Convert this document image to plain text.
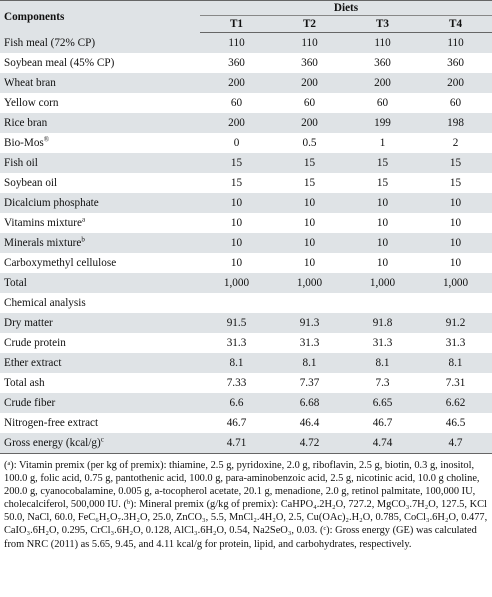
Components	Diets			
	T1	T2	T3	T4
Fish meal (72% CP)	110	110	110	110
Soybean meal (45% CP)	360	360	360	360
Wheat bran	200	200	200	200
Yellow corn	60	60	60	60
Rice bran	200	200	199	198
Bio-Mos®	0	0.5	1	2
Fish oil	15	15	15	15
Soybean oil	15	15	15	15
Dicalcium phosphate	10	10	10	10
Vitamins mixture$^a$	10	10	10	10
Minerals mixture$^b$	10	10	10	10
Carboxymethyl cellulose	10	10	10	10
Total	1,000	1,000	1,000	1,000
Chemical analysis				
Dry matter	91.5	91.3	91.8	91.2
Crude protein	31.3	31.3	31.3	31.3
Ether extract	8.1	8.1	8.1	8.1
Total ash	7.33	7.37	7.3	7.31
Crude fiber	6.6	6.68	6.65	6.62
Nitrogen-free extract	46.7	46.4	46.7	46.5
Gross energy (kcal/g)$^c$	4.71	4.72	4.74	4.7
(ᵃ): Vitamin premix (per kg of premix): thiamine, 2.5 g, pyridoxine, 2.0 g, riboflavin, 2.5 g, biotin, 0.3 g, inositol, 100.0 g, folic acid, 0.75 g, pantothenic acid, 100.0 g, para-aminobenzoic acid, 2.5 g, nicotinic acid, 10.0 g choline, 200.0 g, cyanocobalamine, 0.005 g, a-tocopherol acetate, 20.1 g, menadione, 2.0 g, retinol palmitate, 100,000 IU, cholecalciferol, 500,000 IU. (ᵇ): Mineral premix (g/kg of premix): CaHPO₄.2H₂O, 727.2, MgCO₃.7H₂O, 127.5, KCl 50.0, NaCl, 60.0, FeC₆H₅O₇.3H₂O, 25.0, ZnCO₃, 5.5, MnCl₂.4H₂O, 2.5, Cu(OAc)₂.H₂O, 0.785, CoCl₃.6H₂O, 0.477, CaIO₃.6H₂O, 0.295, CrCl₃.6H₂O, 0.128, AlCl₃.6H₂O, 0.54, Na2SeO₃, 0.03. (ᶜ): Gross energy (GE) was calculated from NRC (2011) as 5.65, 9.45, and 4.11 kcal/g for protein, lipid, and carbohydrates, respectively.
